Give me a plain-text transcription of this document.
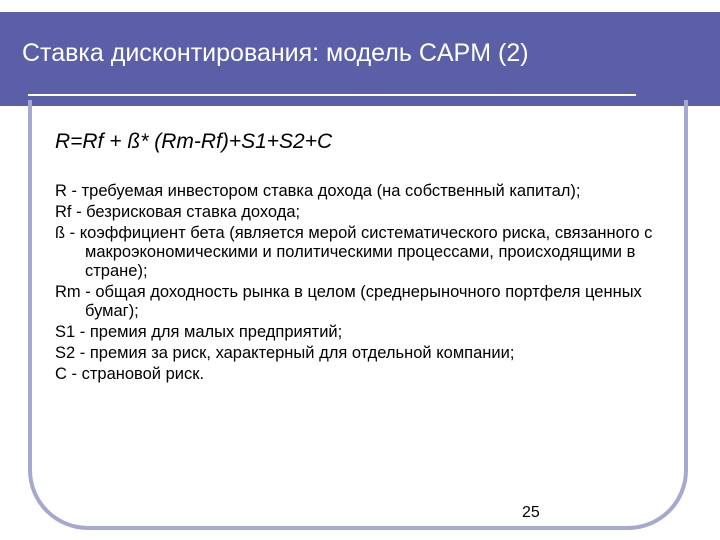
Ставка дисконтирования: модель CAPM (2)
R=Rf + ß* (Rm-Rf)+S1+S2+C
R - требуемая инвестором ставка дохода (на собственный капитал);
Rf - безрисковая ставка дохода;
ß - коэффициент бета (является мерой систематического риска, связанного с макроэкономическими и политическими процессами, происходящими в стране);
Rm - общая доходность рынка в целом (среднерыночного портфеля ценных бумаг);
S1 - премия для малых предприятий;
S2 - премия за риск, характерный для отдельной компании;
C - страновой риск.
25
